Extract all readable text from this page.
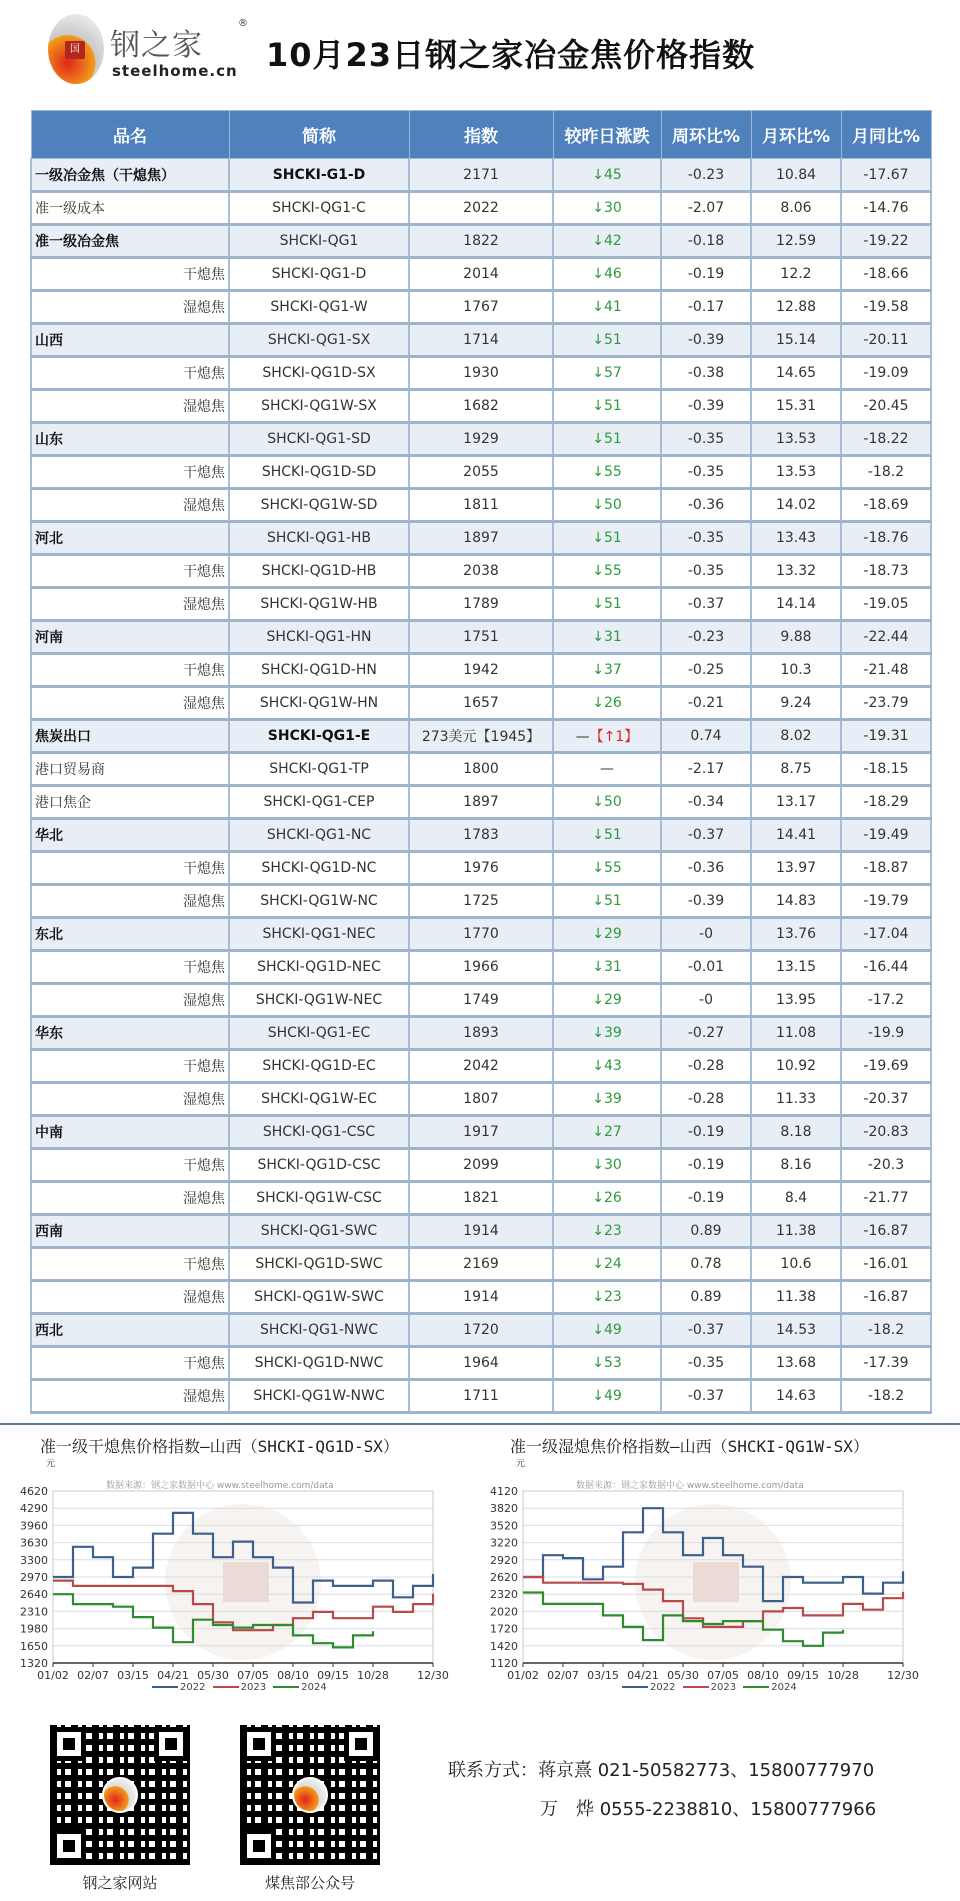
国 钢之家
®
steelhome.cn 10月23日钢之家冶金焦价格指数
品名	简称	指数	较昨日涨跌	周环比%	月环比%	月同比%
一级冶金焦（干熄焦）	SHCKI-G1-D	2171	↓45	-0.23	10.84	-17.67
准一级成本	SHCKI-QG1-C	2022	↓30	-2.07	8.06	-14.76
准一级冶金焦	SHCKI-QG1	1822	↓42	-0.18	12.59	-19.22
干熄焦	SHCKI-QG1-D	2014	↓46	-0.19	12.2	-18.66
湿熄焦	SHCKI-QG1-W	1767	↓41	-0.17	12.88	-19.58
山西	SHCKI-QG1-SX	1714	↓51	-0.39	15.14	-20.11
干熄焦	SHCKI-QG1D-SX	1930	↓57	-0.38	14.65	-19.09
湿熄焦	SHCKI-QG1W-SX	1682	↓51	-0.39	15.31	-20.45
山东	SHCKI-QG1-SD	1929	↓51	-0.35	13.53	-18.22
干熄焦	SHCKI-QG1D-SD	2055	↓55	-0.35	13.53	-18.2
湿熄焦	SHCKI-QG1W-SD	1811	↓50	-0.36	14.02	-18.69
河北	SHCKI-QG1-HB	1897	↓51	-0.35	13.43	-18.76
干熄焦	SHCKI-QG1D-HB	2038	↓55	-0.35	13.32	-18.73
湿熄焦	SHCKI-QG1W-HB	1789	↓51	-0.37	14.14	-19.05
河南	SHCKI-QG1-HN	1751	↓31	-0.23	9.88	-22.44
干熄焦	SHCKI-QG1D-HN	1942	↓37	-0.25	10.3	-21.48
湿熄焦	SHCKI-QG1W-HN	1657	↓26	-0.21	9.24	-23.79
焦炭出口	SHCKI-QG1-E	273美元【1945】	—【↑1】	0.74	8.02	-19.31
港口贸易商	SHCKI-QG1-TP	1800	—	-2.17	8.75	-18.15
港口焦企	SHCKI-QG1-CEP	1897	↓50	-0.34	13.17	-18.29
华北	SHCKI-QG1-NC	1783	↓51	-0.37	14.41	-19.49
干熄焦	SHCKI-QG1D-NC	1976	↓55	-0.36	13.97	-18.87
湿熄焦	SHCKI-QG1W-NC	1725	↓51	-0.39	14.83	-19.79
东北	SHCKI-QG1-NEC	1770	↓29	-0	13.76	-17.04
干熄焦	SHCKI-QG1D-NEC	1966	↓31	-0.01	13.15	-16.44
湿熄焦	SHCKI-QG1W-NEC	1749	↓29	-0	13.95	-17.2
华东	SHCKI-QG1-EC	1893	↓39	-0.27	11.08	-19.9
干熄焦	SHCKI-QG1D-EC	2042	↓43	-0.28	10.92	-19.69
湿熄焦	SHCKI-QG1W-EC	1807	↓39	-0.28	11.33	-20.37
中南	SHCKI-QG1-CSC	1917	↓27	-0.19	8.18	-20.83
干熄焦	SHCKI-QG1D-CSC	2099	↓30	-0.19	8.16	-20.3
湿熄焦	SHCKI-QG1W-CSC	1821	↓26	-0.19	8.4	-21.77
西南	SHCKI-QG1-SWC	1914	↓23	0.89	11.38	-16.87
干熄焦	SHCKI-QG1D-SWC	2169	↓24	0.78	10.6	-16.01
湿熄焦	SHCKI-QG1W-SWC	1914	↓23	0.89	11.38	-16.87
西北	SHCKI-QG1-NWC	1720	↓49	-0.37	14.53	-18.2
干熄焦	SHCKI-QG1D-NWC	1964	↓53	-0.35	13.68	-17.39
湿熄焦	SHCKI-QG1W-NWC	1711	↓49	-0.37	14.63	-18.2
1320
1650
1980
2310
2640
2970
3300
3630
3960
4290
4620
01/02 02/07 03/15 04/21 05/30 07/05 08/10 09/15 10/28	12/30
准一级干熄焦价格指数—山西（SHCKI-QG1D-SX）
元
数据来源：钢之家数据中心 www.steelhome.com/data
2022	2023	2024
1120
1420
1720
2020
2320
2620
2920
3220
3520
3820
4120
01/02 02/07 03/15 04/21 05/30 07/05 08/10 09/15 10/28	12/30
准一级湿熄焦价格指数—山西（SHCKI-QG1W-SX）
元
数据来源：钢之家数据中心 www.steelhome.com/data
2022	2023	2024
钢之家网站	煤焦部公众号
联系方式：蒋京熹 021-50582773、15800777970
万　烨 0555-2238810、15800777966
